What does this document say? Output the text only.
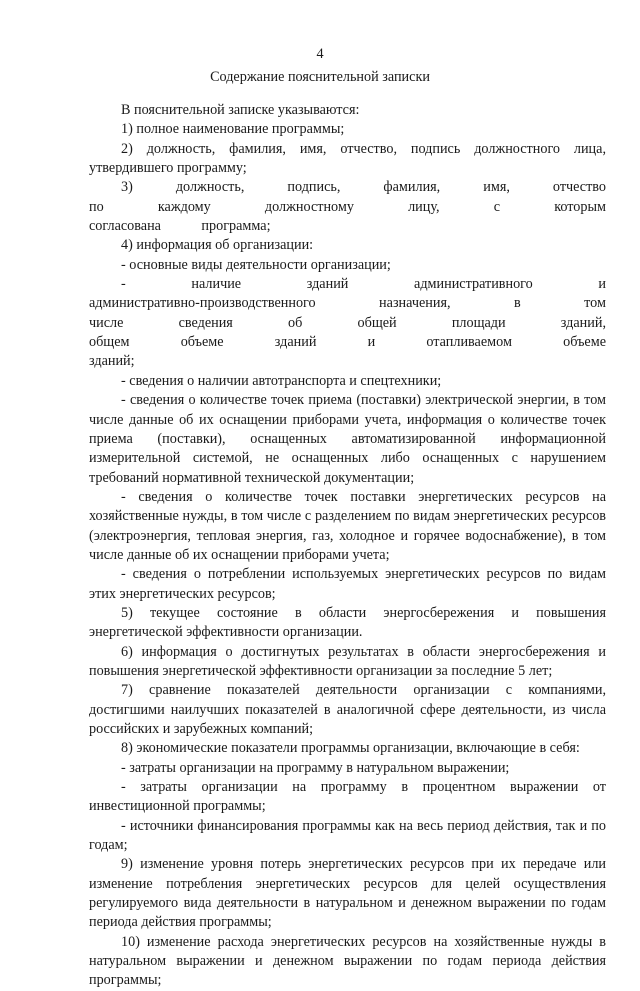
4
Содержание пояснительной записки

В пояснительной записке указываются:

1) полное наименование программы;

2) должность, фамилия, имя, отчество, подпись должностного лица, утвердившего программу;

3) должность, подпись, фамилия, имя, отчество по каждому должностному лицу, с которым согласована программа;

4) информация об организации:

- основные виды деятельности организации;

- наличие зданий административного и административно-производственного назначения, в том числе сведения об общей площади зданий, общем объеме зданий и отапливаемом объеме зданий;

- сведения о наличии автотранспорта и спецтехники;

- сведения о количестве точек приема (поставки) электрической энергии, в том числе данные об их оснащении приборами учета, информация о количестве точек приема (поставки), оснащенных автоматизированной информационной измерительной системой, не оснащенных либо оснащенных с нарушением требований нормативной технической документации;

- сведения о количестве точек поставки энергетических ресурсов на хозяйственные нужды, в том числе с разделением по видам энергетических ресурсов (электроэнергия, тепловая энергия, газ, холодное и горячее водоснабжение), в том числе данные об их оснащении приборами учета;

- сведения о потреблении используемых энергетических ресурсов по видам этих энергетических ресурсов;

5) текущее состояние в области энергосбережения и повышения энергетической эффективности организации.

6) информация о достигнутых результатах в области энергосбережения и повышения энергетической эффективности организации за последние 5 лет;

7) сравнение показателей деятельности организации с компаниями, достигшими наилучших показателей в аналогичной сфере деятельности, из числа российских и зарубежных компаний;

8) экономические показатели программы организации, включающие в себя:

- затраты организации на программу в натуральном выражении;

- затраты организации на программу в процентном выражении от инвестиционной программы;

- источники финансирования программы как на весь период действия, так и по годам;

9) изменение уровня потерь энергетических ресурсов при их передаче или изменение потребления энергетических ресурсов для целей осуществления регулируемого вида деятельности в натуральном и денежном выражении по годам периода действия программы;

10) изменение расхода энергетических ресурсов на хозяйственные нужды в натуральном выражении и денежном выражении по годам периода действия программы;
